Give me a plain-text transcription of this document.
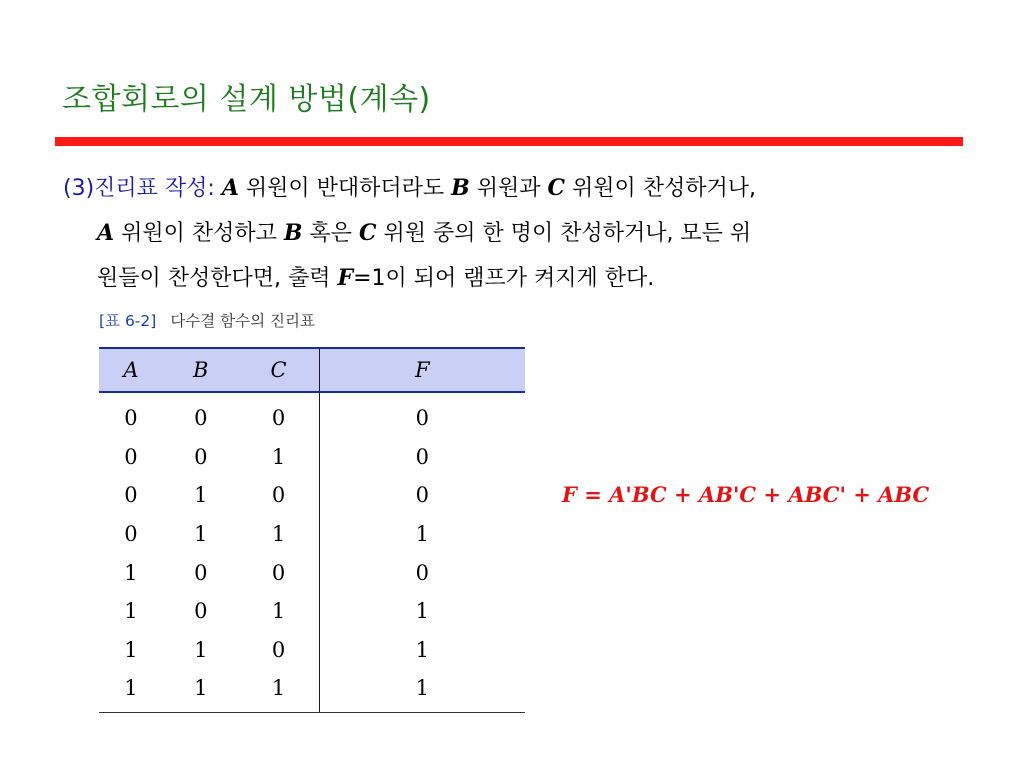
조합회로의 설계 방법(계속)
(3)진리표 작성: A 위원이 반대하더라도 B 위원과 C 위원이 찬성하거나,
A 위원이 찬성하고 B 혹은 C 위원 중의 한 명이 찬성하거나, 모든 위
원들이 찬성한다면, 출력 F=1이 되어 램프가 켜지게 한다.
[표 6-2] 다수결 함수의 진리표
A	B	C	F
0	0	0	0
0	0	1	0
0	1	0	0
0	1	1	1
1	0	0	0
1	0	1	1
1	1	0	1
1	1	1	1
F = A'BC + AB'C + ABC' + ABC
